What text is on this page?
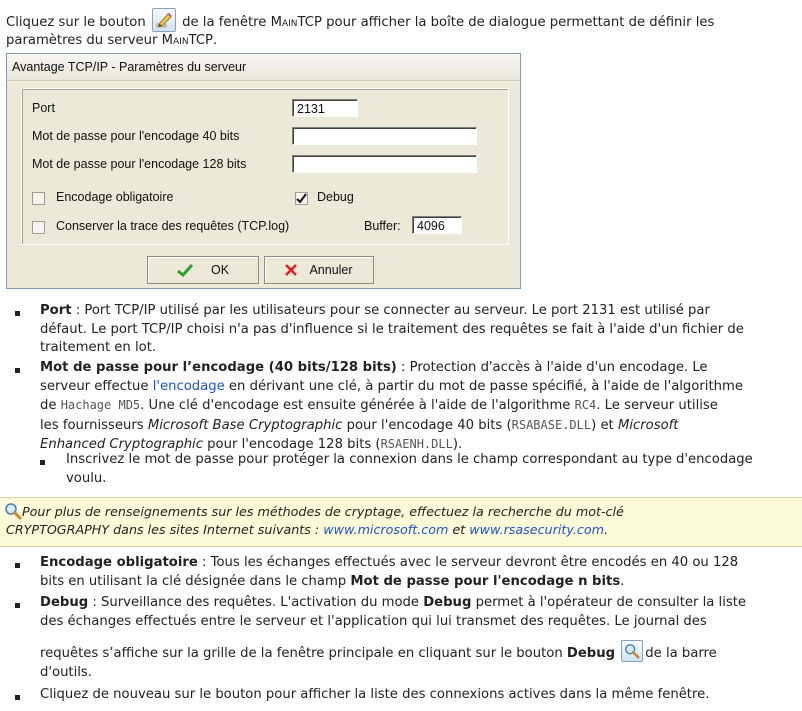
Cliquez sur le bouton	de la fenêtre MainTCP pour afficher la boîte de dialogue permettant de définir les
paramètres du serveur MainTCP.
Avantage TCP/IP - Paramètres du serveur
Port	2131
Mot de passe pour l'encodage 40 bits
Mot de passe pour l'encodage 128 bits
Encodage obligatoire	Debug
Conserver la trace des requêtes (TCP.log)	Buffer:	4096
OK	Annuler
Port : Port TCP/IP utilisé par les utilisateurs pour se connecter au serveur. Le port 2131 est utilisé par
défaut. Le port TCP/IP choisi n'a pas d'influence si le traitement des requêtes se fait à l'aide d'un fichier de
traitement en lot.
Mot de passe pour l’encodage (40 bits/128 bits) : Protection d'accès à l'aide d'un encodage. Le
serveur effectue l'encodage en dérivant une clé, à partir du mot de passe spécifié, à l'aide de l'algorithme
de Hachage MD5. Une clé d'encodage est ensuite générée à l'aide de l'algorithme RC4. Le serveur utilise
les fournisseurs Microsoft Base Cryptographic pour l'encodage 40 bits (RSABASE.DLL) et Microsoft
Enhanced Cryptographic pour l'encodage 128 bits (RSAENH.DLL).
Inscrivez le mot de passe pour protéger la connexion dans le champ correspondant au type d'encodage
voulu.
Pour plus de renseignements sur les méthodes de cryptage, effectuez la recherche du mot-clé
CRYPTOGRAPHY dans les sites Internet suivants : www.microsoft.com et www.rsasecurity.com.
Encodage obligatoire : Tous les échanges effectués avec le serveur devront être encodés en 40 ou 128
bits en utilisant la clé désignée dans le champ Mot de passe pour l'encodage n bits.
Debug : Surveillance des requêtes. L'activation du mode Debug permet à l'opérateur de consulter la liste
des échanges effectués entre le serveur et l'application qui lui transmet des requêtes. Le journal des
requêtes s’affiche sur la grille de la fenêtre principale en cliquant sur le bouton Debug de la barre
d'outils.
Cliquez de nouveau sur le bouton pour afficher la liste des connexions actives dans la même fenêtre.
